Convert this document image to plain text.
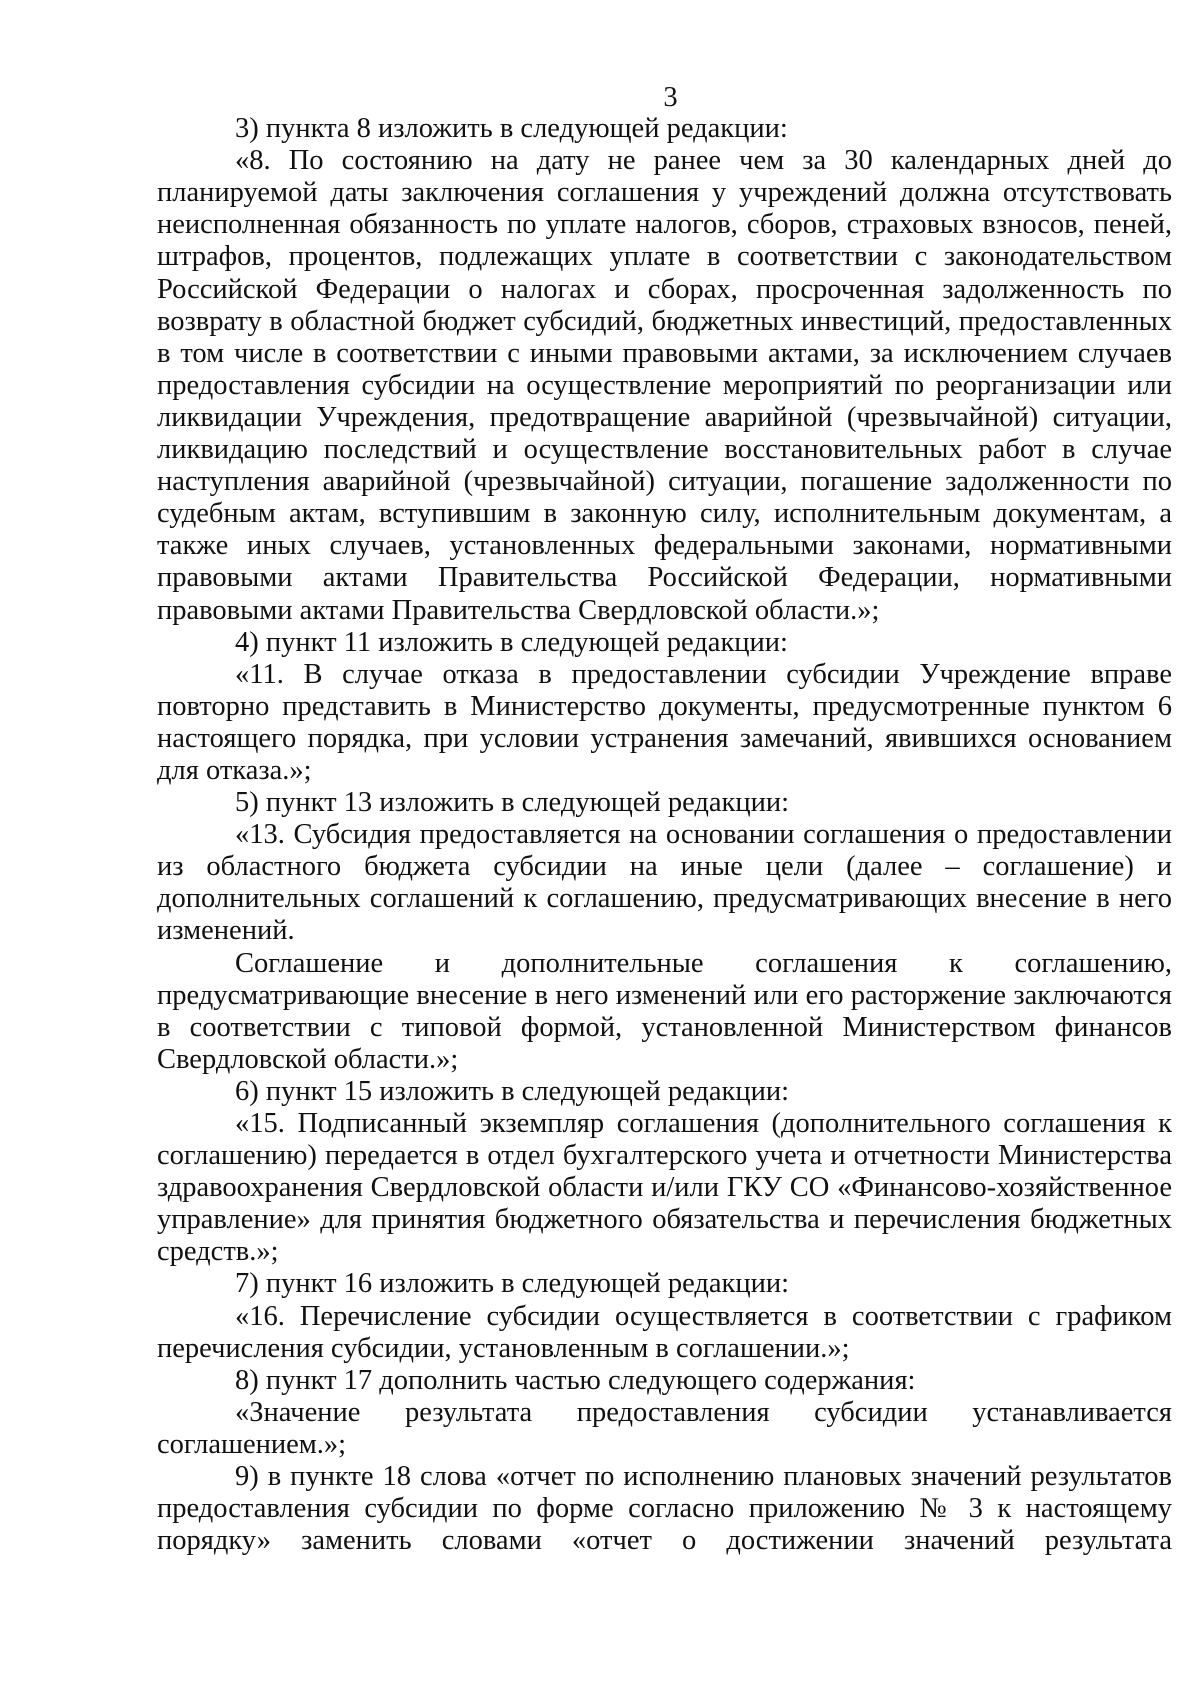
3

3) пункта 8 изложить в следующей редакции:

«8. По состоянию на дату не ранее чем за 30 календарных дней до планируемой даты заключения соглашения у учреждений должна отсутствовать неисполненная обязанность по уплате налогов, сборов, страховых взносов, пеней, штрафов, процентов, подлежащих уплате в соответствии с законодательством Российской Федерации о налогах и сборах, просроченная задолженность по возврату в областной бюджет субсидий, бюджетных инвестиций, предоставленных в том числе в соответствии с иными правовыми актами, за исключением случаев предоставления субсидии на осуществление мероприятий по реорганизации или ликвидации Учреждения, предотвращение аварийной (чрезвычайной) ситуации, ликвидацию последствий и осуществление восстановительных работ в случае наступления аварийной (чрезвычайной) ситуации, погашение задолженности по судебным актам, вступившим в законную силу, исполнительным документам, а также иных случаев, установленных федеральными законами, нормативными правовыми актами Правительства Российской Федерации, нормативными правовыми актами Правительства Свердловской области.»;

4) пункт 11 изложить в следующей редакции:

«11. В случае отказа в предоставлении субсидии Учреждение вправе повторно представить в Министерство документы, предусмотренные пунктом 6 настоящего порядка, при условии устранения замечаний, явившихся основанием для отказа.»;

5) пункт 13 изложить в следующей редакции:

«13. Субсидия предоставляется на основании соглашения о предоставлении из областного бюджета субсидии на иные цели (далее – соглашение) и дополнительных соглашений к соглашению, предусматривающих внесение в него изменений.

Соглашение и дополнительные соглашения к соглашению, предусматривающие внесение в него изменений или его расторжение заключаются в соответствии с типовой формой, установленной Министерством финансов Свердловской области.»;

6) пункт 15 изложить в следующей редакции:

«15. Подписанный экземпляр соглашения (дополнительного соглашения к соглашению) передается в отдел бухгалтерского учета и отчетности Министерства здравоохранения Свердловской области и/или ГКУ СО «Финансово-хозяйственное управление» для принятия бюджетного обязательства и перечисления бюджетных средств.»;

7) пункт 16 изложить в следующей редакции:

«16. Перечисление субсидии осуществляется в соответствии с графиком перечисления субсидии, установленным в соглашении.»;

8) пункт 17 дополнить частью следующего содержания:

«Значение результата предоставления субсидии устанавливается соглашением.»;

9) в пункте 18 слова «отчет по исполнению плановых значений результатов предоставления субсидии по форме согласно приложению № 3 к настоящему порядку» заменить словами «отчет о достижении значений результата
